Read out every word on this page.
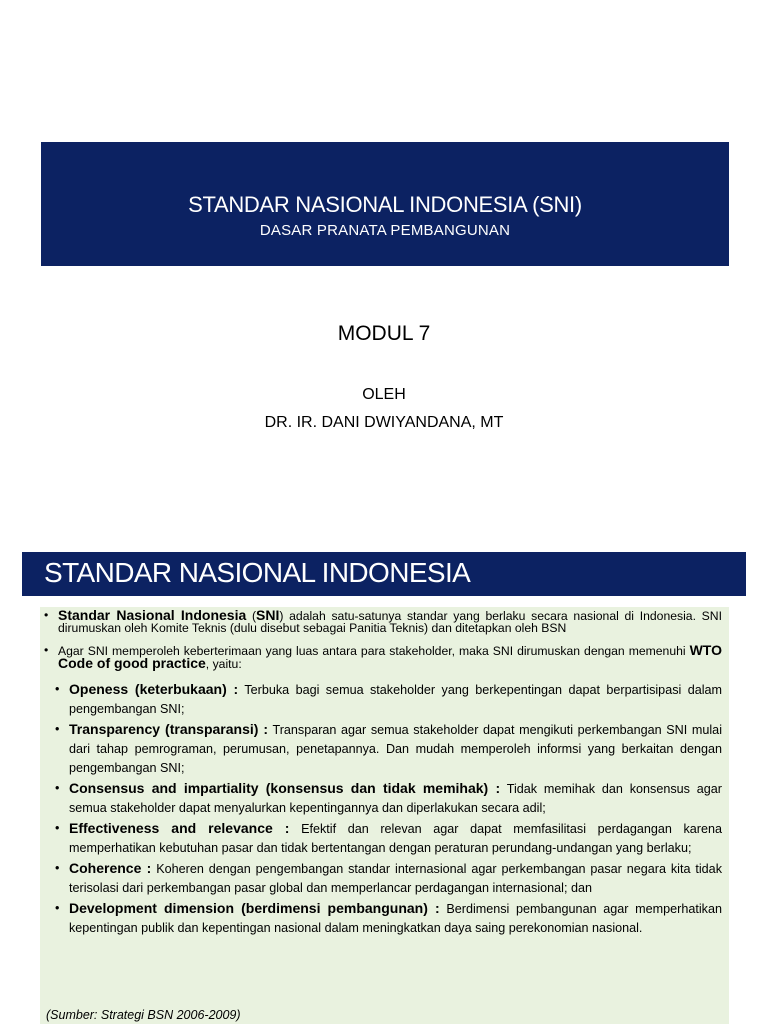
STANDAR NASIONAL INDONESIA (SNI)
DASAR PRANATA PEMBANGUNAN
MODUL 7
OLEH
DR. IR. DANI DWIYANDANA, MT
STANDAR NASIONAL INDONESIA
• Standar Nasional Indonesia (SNI) adalah satu-satunya standar yang berlaku secara nasional di Indonesia. SNI dirumuskan oleh Komite Teknis (dulu disebut sebagai Panitia Teknis) dan ditetapkan oleh BSN
• Agar SNI memperoleh keberterimaan yang luas antara para stakeholder, maka SNI dirumuskan dengan memenuhi WTO Code of good practice, yaitu:
• Openess (keterbukaan) : Terbuka bagi semua stakeholder yang berkepentingan dapat berpartisipasi dalam pengembangan SNI;
• Transparency (transparansi) : Transparan agar semua stakeholder dapat mengikuti perkembangan SNI mulai dari tahap pemrograman, perumusan, penetapannya. Dan mudah memperoleh informsi yang berkaitan dengan pengembangan SNI;
• Consensus and impartiality (konsensus dan tidak memihak) : Tidak memihak dan konsensus agar semua stakeholder dapat menyalurkan kepentingannya dan diperlakukan secara adil;
• Effectiveness and relevance : Efektif dan relevan agar dapat memfasilitasi perdagangan karena memperhatikan kebutuhan pasar dan tidak bertentangan dengan peraturan perundang-undangan yang berlaku;
• Coherence : Koheren dengan pengembangan standar internasional agar perkembangan pasar negara kita tidak terisolasi dari perkembangan pasar global dan memperlancar perdagangan internasional; dan
• Development dimension (berdimensi pembangunan) : Berdimensi pembangunan agar memperhatikan kepentingan publik dan kepentingan nasional dalam meningkatkan daya saing perekonomian nasional.
(Sumber: Strategi BSN 2006-2009)
